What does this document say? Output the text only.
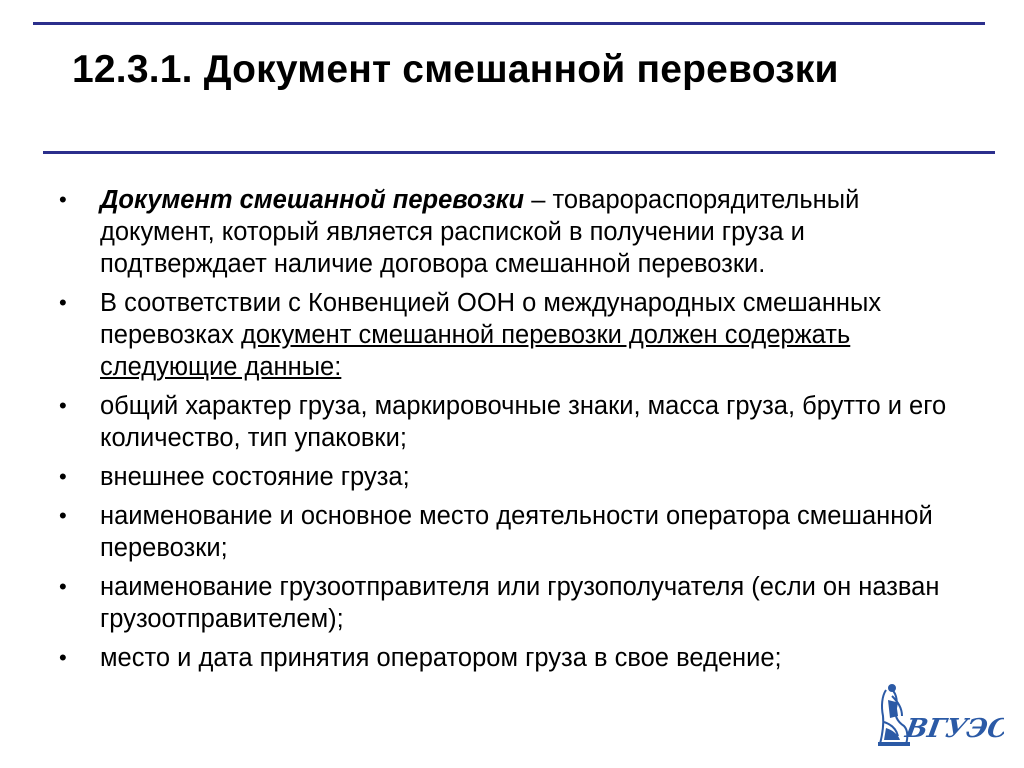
12.3.1. Документ смешанной перевозки
• Документ смешанной перевозки – товарораспорядительный документ, который является распиской в получении груза и подтверждает наличие договора смешанной перевозки.
• В соответствии с Конвенцией ООН о международных смешанных перевозках документ смешанной перевозки должен содержать следующие данные:
• общий характер груза, маркировочные знаки, масса груза, брутто и его количество, тип упаковки;
• внешнее состояние груза;
• наименование и основное место деятельности оператора смешанной перевозки;
• наименование грузоотправителя или грузополучателя (если он назван грузоотправителем);
• место и дата принятия оператором груза в свое ведение;
ВГУЭС
